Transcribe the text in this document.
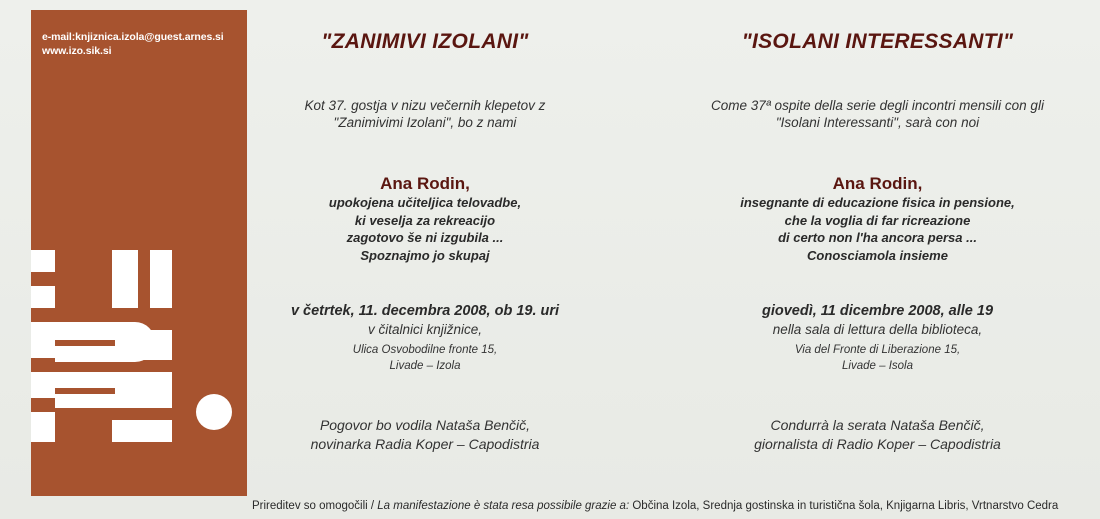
e-mail:knjiznica.izola@guest.arnes.si
www.izo.sik.si	"ZANIMIVI IZOLANI"
Kot 37. gostja v nizu večernih klepetov z
"Zanimivimi Izolani", bo z nami
Ana Rodin,
upokojena učiteljica telovadbe,
ki veselja za rekreacijo
zagotovo še ni izgubila ...
Spoznajmo jo skupaj
v četrtek, 11. decembra 2008, ob 19. uri
v čitalnici knjižnice,
Ulica Osvobodilne fronte 15,
Livade – Izola
Pogovor bo vodila Nataša Benčič,
novinarka Radia Koper – Capodistria
"ISOLANI INTERESSANTI"
Come 37ª ospite della serie degli incontri mensili con gli
"Isolani Interessanti", sarà con noi
Ana Rodin,
insegnante di educazione fisica in pensione,
che la voglia di far ricreazione
di certo non l'ha ancora persa ...
Conosciamola insieme
giovedì, 11 dicembre 2008, alle 19
nella sala di lettura della biblioteca,
Via del Fronte di Liberazione 15,
Livade – Isola
Condurrà la serata Nataša Benčič,
giornalista di Radio Koper – Capodistria
Prireditev so omogočili / La manifestazione è stata resa possibile grazie a: Občina Izola, Srednja gostinska in turistična šola, Knjigarna Libris, Vrtnarstvo Cedra
